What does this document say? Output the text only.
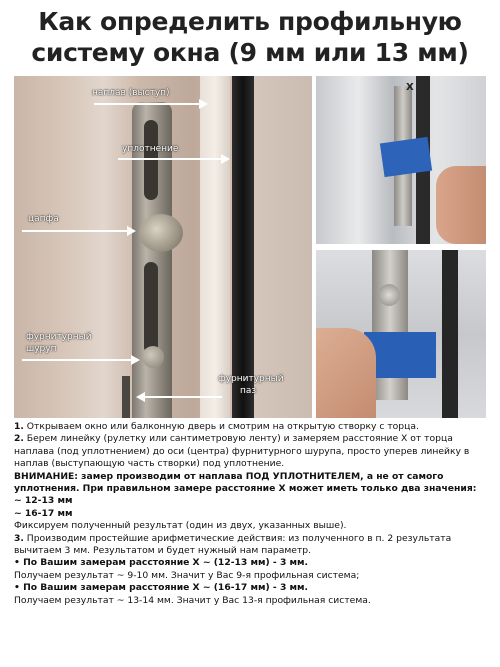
Как определить профильную
систему окна (9 мм или 13 мм)
наплав (выступ)
уплотнение
цапфа
фурнитурный
шуруп
фурнитурный
паз
X

1. Открываем окно или балконную дверь и смотрим на открытую створку с торца.

2. Берем линейку (рулетку или сантиметровую ленту) и замеряем расстояние X от торца наплава (под уплотнением) до оси (центра) фурнитурного шурупа, просто уперев линейку в наплав (выступающую часть створки) под уплотнение.

ВНИМАНИЕ: замер производим от наплава ПОД УПЛОТНИТЕЛЕМ, а не от самого уплотнения. При правильном замере расстояние X может иметь только два значения:

~ 12-13 мм

~ 16-17 мм

Фиксируем полученный результат (один из двух, указанных выше).

3. Производим простейшие арифметические действия: из полученного в п. 2 результата вычитаем 3 мм. Результатом и будет нужный нам параметр.

• По Вашим замерам расстояние X ~ (12-13 мм) - 3 мм.

Получаем результат ~ 9-10 мм. Значит у Вас 9-я профильная система;

• По Вашим замерам расстояние X ~ (16-17 мм) - 3 мм.

Получаем результат ~ 13-14 мм. Значит у Вас 13-я профильная система.
